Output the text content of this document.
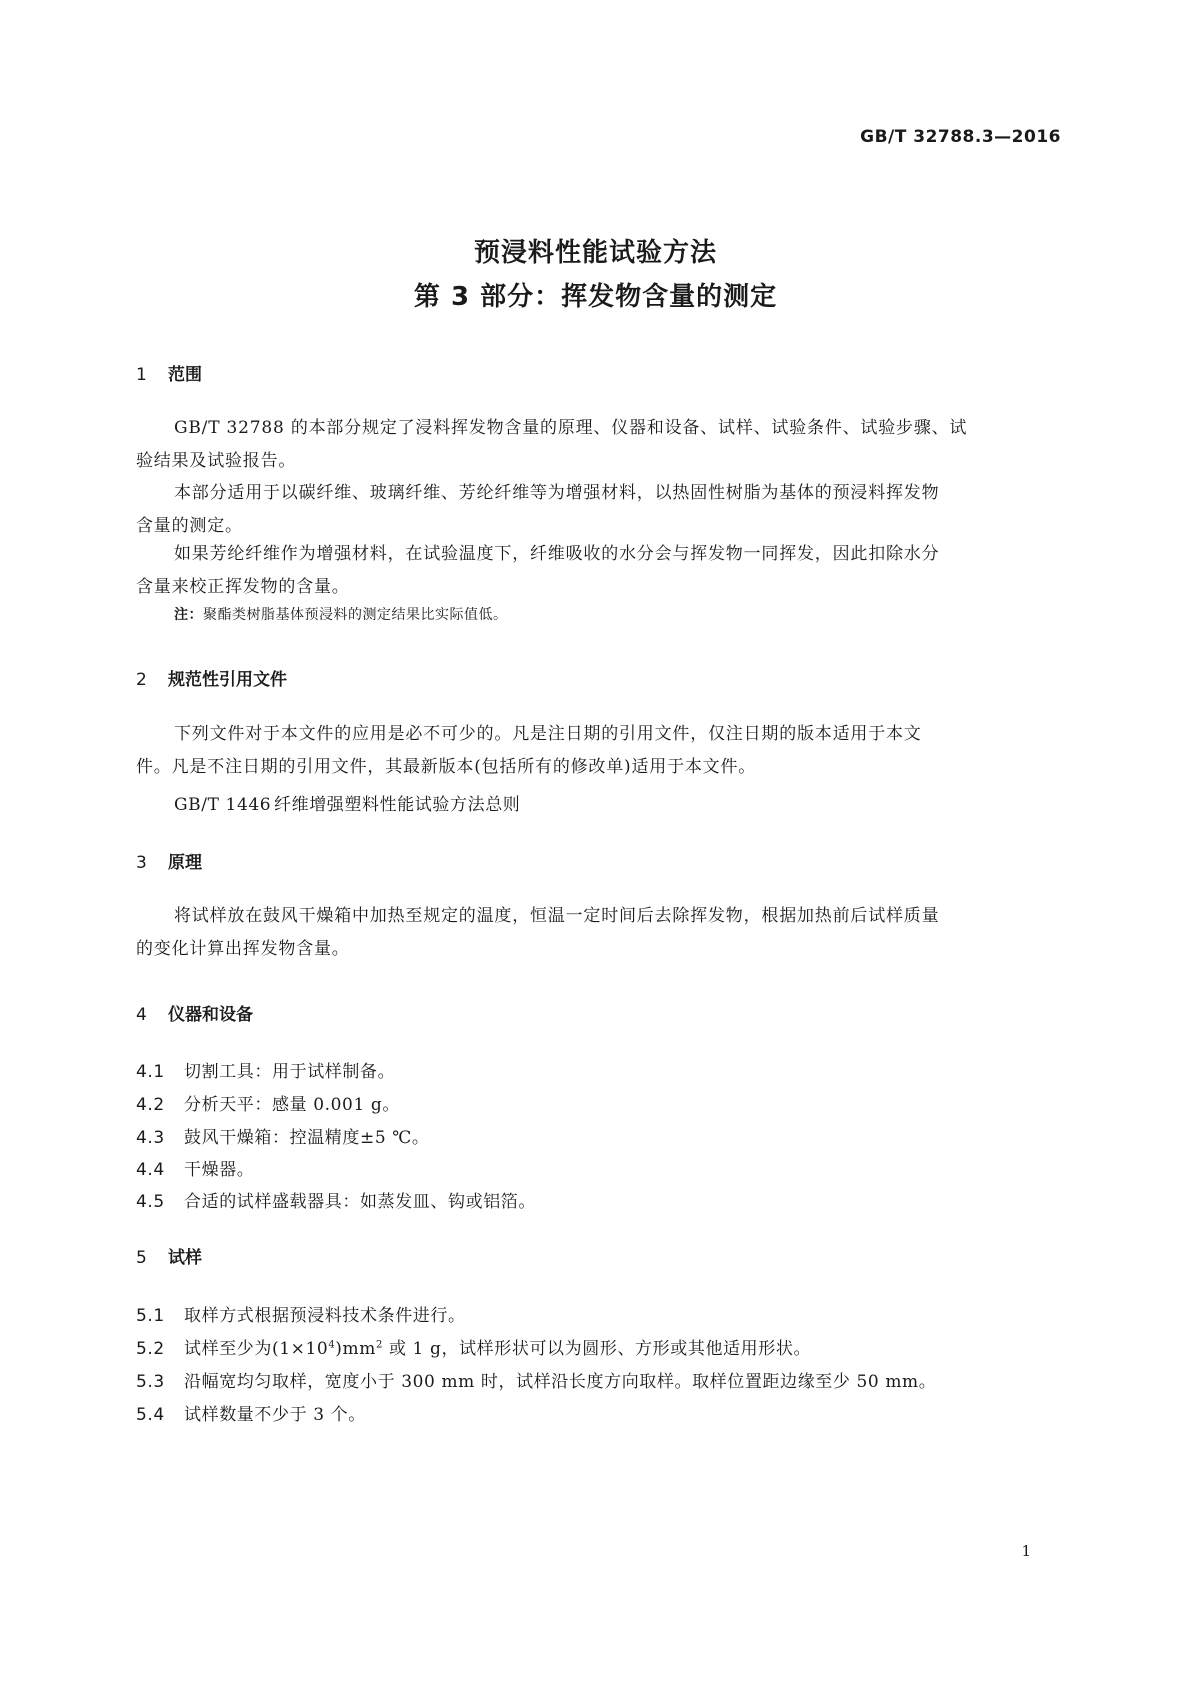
GB/T 32788.3—2016
预浸料性能试验方法
第 3 部分：挥发物含量的测定
1 范围
GB/T 32788 的本部分规定了浸料挥发物含量的原理、仪器和设备、试样、试验条件、试验步骤、试
验结果及试验报告。
本部分适用于以碳纤维、玻璃纤维、芳纶纤维等为增强材料，以热固性树脂为基体的预浸料挥发物
含量的测定。
如果芳纶纤维作为增强材料，在试验温度下，纤维吸收的水分会与挥发物一同挥发，因此扣除水分
含量来校正挥发物的含量。
注：聚酯类树脂基体预浸料的测定结果比实际值低。
2 规范性引用文件
下列文件对于本文件的应用是必不可少的。凡是注日期的引用文件，仅注日期的版本适用于本文
件。凡是不注日期的引用文件，其最新版本(包括所有的修改单)适用于本文件。
GB/T 1446 纤维增强塑料性能试验方法总则
3 原理
将试样放在鼓风干燥箱中加热至规定的温度，恒温一定时间后去除挥发物，根据加热前后试样质量
的变化计算出挥发物含量。
4 仪器和设备
4.1 切割工具：用于试样制备。
4.2 分析天平：感量 0.001 g。
4.3 鼓风干燥箱：控温精度±5 ℃。
4.4 干燥器。
4.5 合适的试样盛载器具：如蒸发皿、钩或铝箔。
5 试样
5.1 取样方式根据预浸料技术条件进行。
5.2 试样至少为$(1\times 10^4)mm^2$ 或 1 g，试样形状可以为圆形、方形或其他适用形状。
5.3 沿幅宽均匀取样，宽度小于 300 mm 时，试样沿长度方向取样。取样位置距边缘至少 50 mm。
5.4 试样数量不少于 3 个。
1
